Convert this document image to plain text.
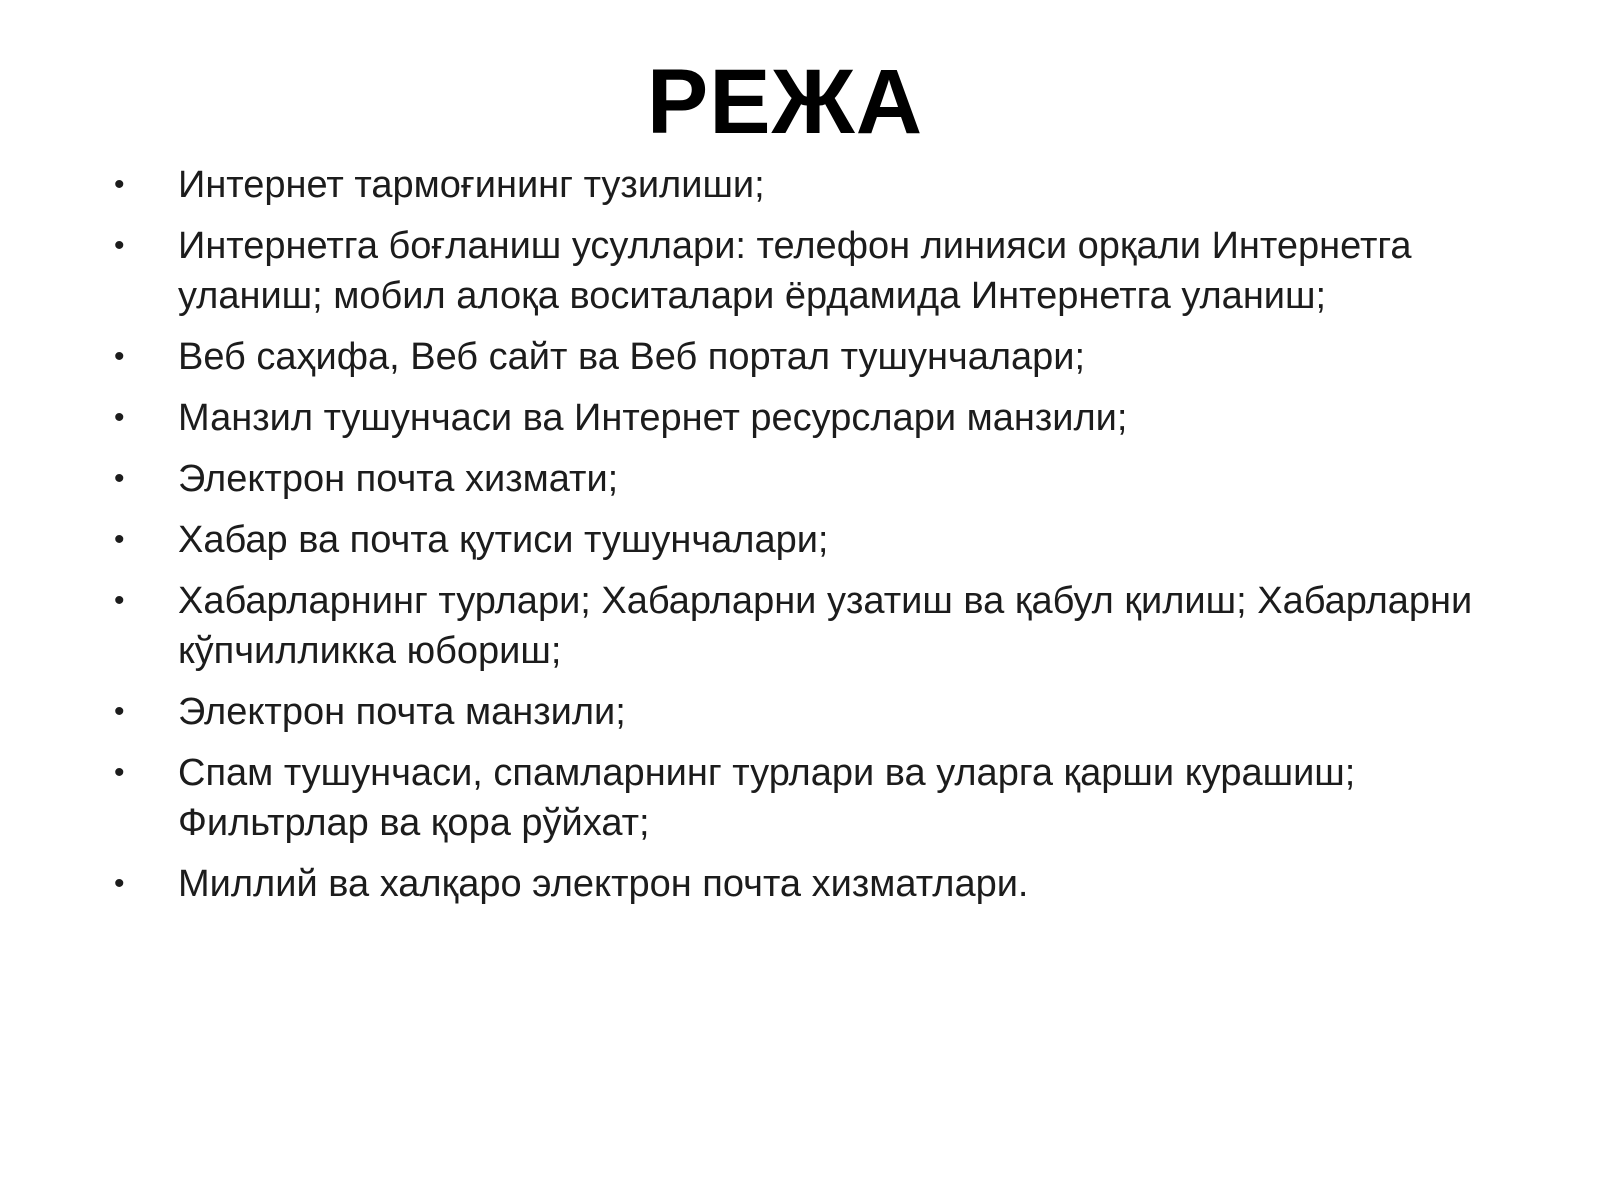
РЕЖА
•	Интернет тармоғининг тузилиши;
•	Интернетга боғланиш усуллари: телефон линияси орқали Интернетга уланиш; мобил алоқа воситалари ёрдамида Интернетга уланиш;
•	Веб саҳифа, Веб сайт ва Веб портал тушунчалари;
•	Манзил тушунчаси ва Интернет ресурслари манзили;
•	Электрон почта хизмати;
•	Хабар ва почта қутиси тушунчалари;
•	Хабарларнинг турлари; Хабарларни узатиш ва қабул қилиш; Хабарларни кўпчилликка юбориш;
•	Электрон почта манзили;
•	Спам тушунчаси, спамларнинг турлари ва уларга қарши курашиш; Фильтрлар ва қора рўйхат;
•	Миллий ва халқаро электрон почта хизматлари.
